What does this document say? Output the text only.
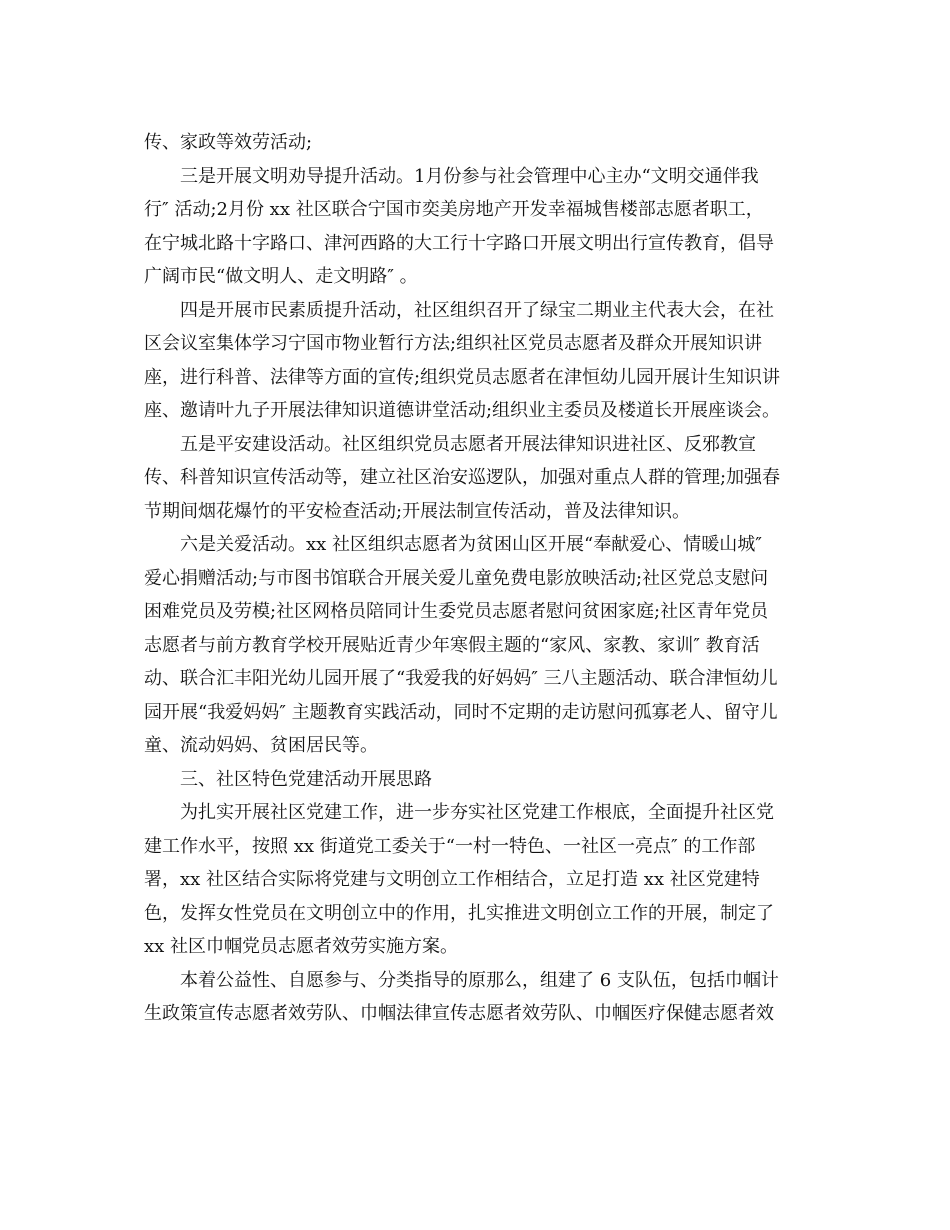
传、家政等效劳活动;
三是开展文明劝导提升活动。1月份参与社会管理中心主办“文明交通伴我
行″ 活动;2月份 xx 社区联合宁国市奕美房地产开发幸福城售楼部志愿者职工，
在宁城北路十字路口、津河西路的大工行十字路口开展文明出行宣传教育，倡导
广阔市民“做文明人、走文明路″ 。
四是开展市民素质提升活动，社区组织召开了绿宝二期业主代表大会，在社
区会议室集体学习宁国市物业暂行方法;组织社区党员志愿者及群众开展知识讲
座，进行科普、法律等方面的宣传;组织党员志愿者在津恒幼儿园开展计生知识讲
座、邀请叶九子开展法律知识道德讲堂活动;组织业主委员及楼道长开展座谈会。
五是平安建设活动。社区组织党员志愿者开展法律知识进社区、反邪教宣
传、科普知识宣传活动等，建立社区治安巡逻队，加强对重点人群的管理;加强春
节期间烟花爆竹的平安检查活动;开展法制宣传活动，普及法律知识。
六是关爱活动。xx 社区组织志愿者为贫困山区开展“奉献爱心、情暖山城″
爱心捐赠活动;与市图书馆联合开展关爱儿童免费电影放映活动;社区党总支慰问
困难党员及劳模;社区网格员陪同计生委党员志愿者慰问贫困家庭;社区青年党员
志愿者与前方教育学校开展贴近青少年寒假主题的“家风、家教、家训″ 教育活
动、联合汇丰阳光幼儿园开展了“我爱我的好妈妈″ 三八主题活动、联合津恒幼儿
园开展“我爱妈妈″ 主题教育实践活动，同时不定期的走访慰问孤寡老人、留守儿
童、流动妈妈、贫困居民等。
三、社区特色党建活动开展思路
为扎实开展社区党建工作，进一步夯实社区党建工作根底，全面提升社区党
建工作水平，按照 xx 街道党工委关于“一村一特色、一社区一亮点″ 的工作部
署，xx 社区结合实际将党建与文明创立工作相结合，立足打造 xx 社区党建特
色，发挥女性党员在文明创立中的作用，扎实推进文明创立工作的开展，制定了
xx 社区巾帼党员志愿者效劳实施方案。
本着公益性、自愿参与、分类指导的原那么，组建了 6 支队伍，包括巾帼计
生政策宣传志愿者效劳队、巾帼法律宣传志愿者效劳队、巾帼医疗保健志愿者效
